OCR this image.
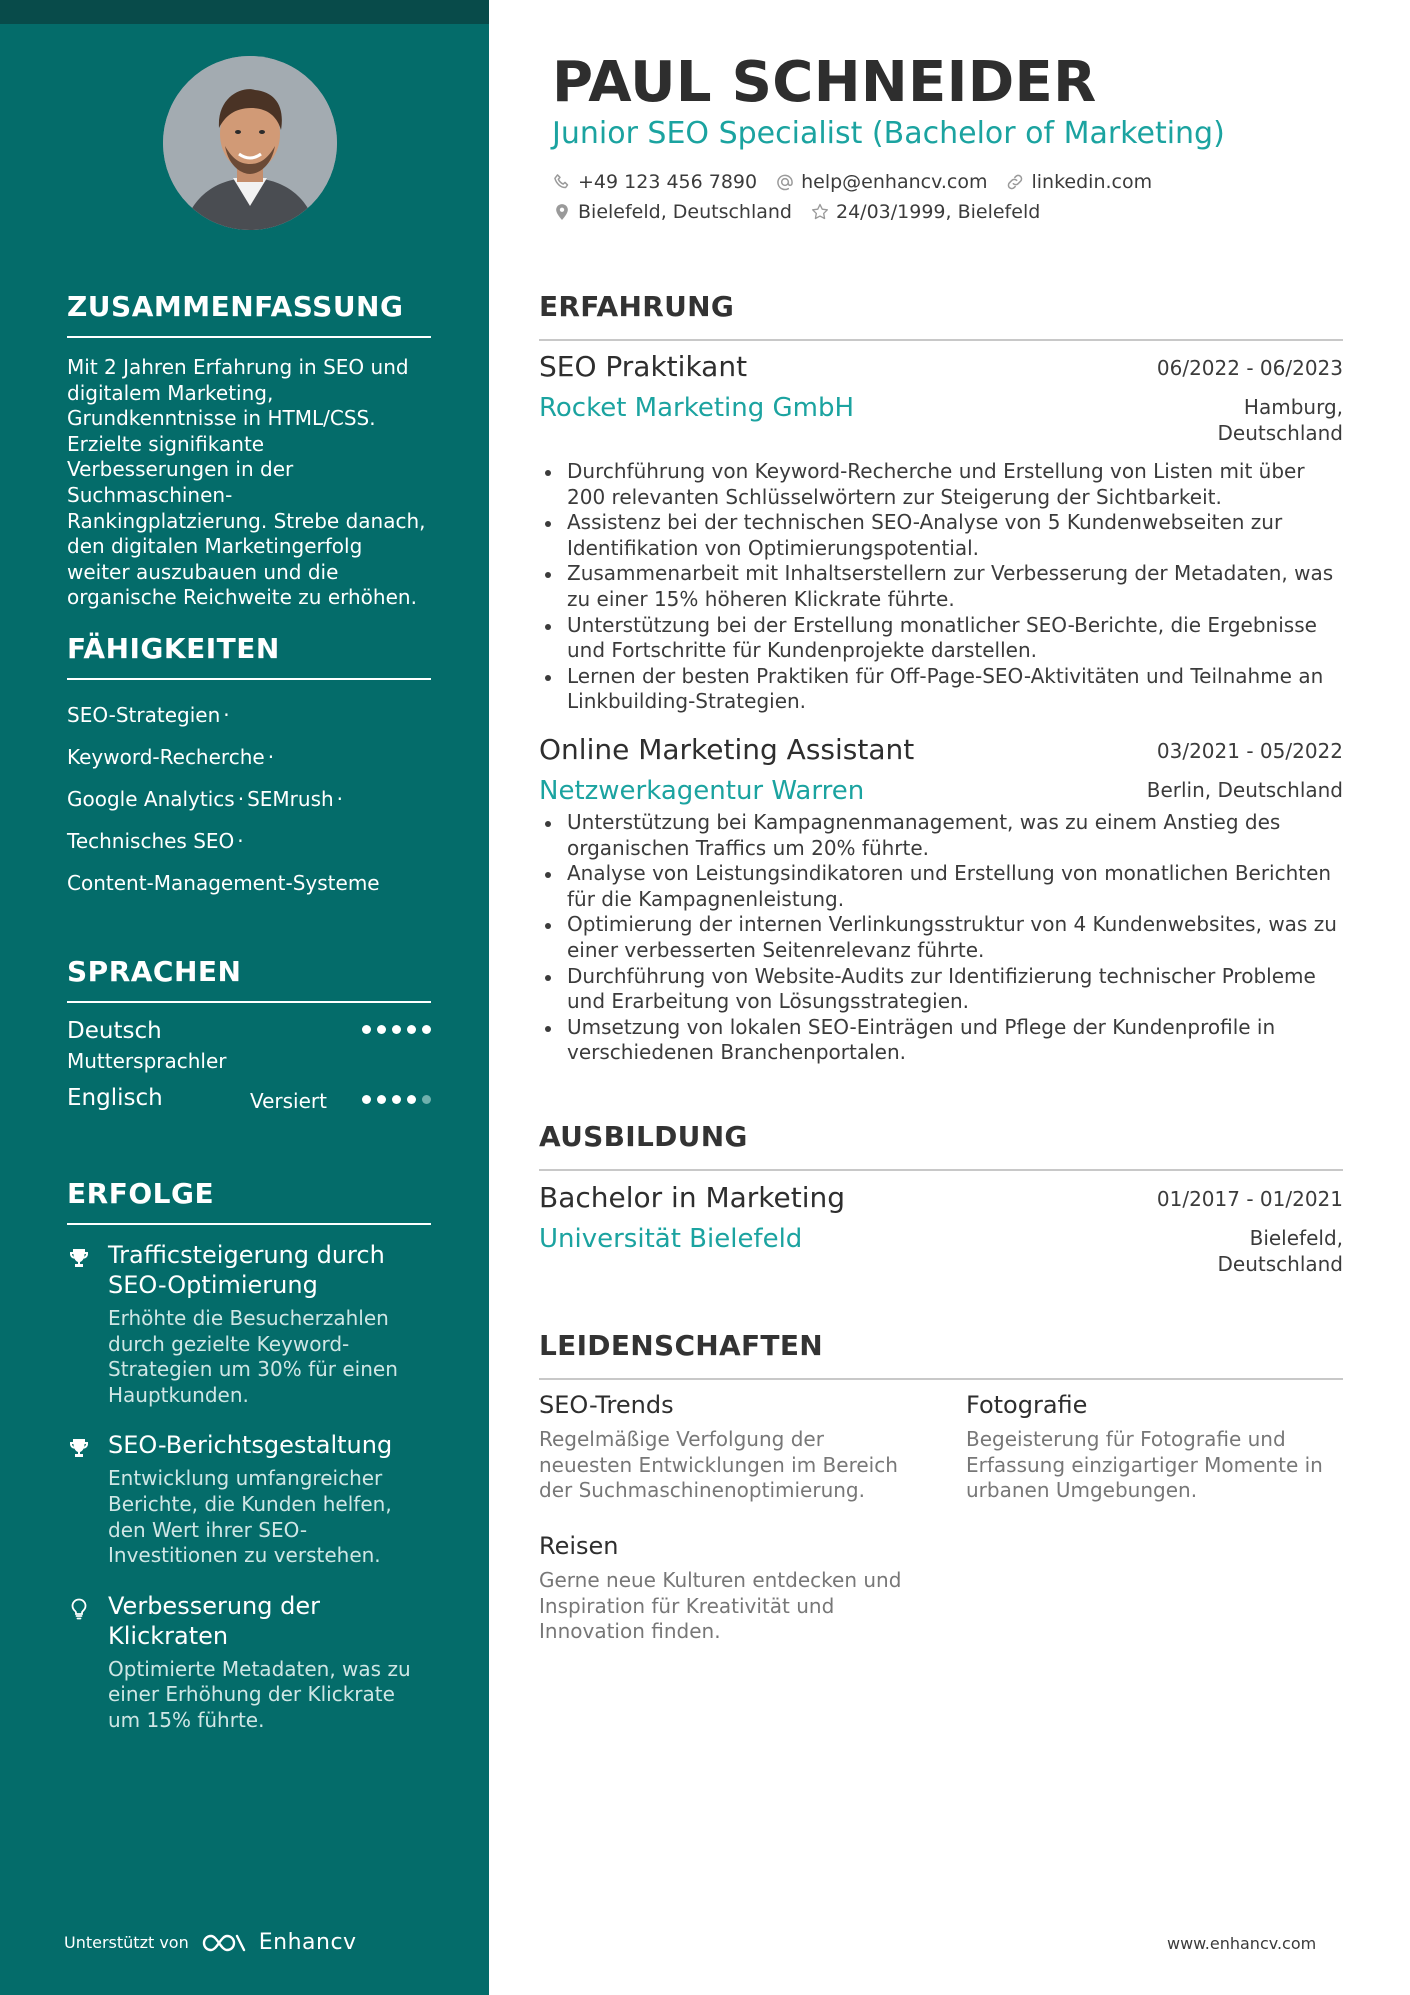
ZUSAMMENFASSUNG

Mit 2 Jahren Erfahrung in SEO und digitalem Marketing, Grundkenntnisse in HTML/CSS. Erzielte signifikante Verbesserungen in der Suchmaschinen-Rankingplatzierung. Strebe danach, den digitalen Marketingerfolg weiter auszubauen und die organische Reichweite zu erhöhen.

FÄHIGKEITEN
SEO-Strategien ·
Keyword-Recherche ·
Google Analytics · SEMrush ·
Technisches SEO ·
Content-Management-Systeme
SPRACHEN
Deutsch
Muttersprachler
Englisch	Versiert
ERFOLGE
Trafficsteigerung durch SEO-Optimierung
Erhöhte die Besucherzahlen durch gezielte Keyword-Strategien um 30% für einen Hauptkunden.
SEO-Berichtsgestaltung
Entwicklung umfangreicher Berichte, die Kunden helfen, den Wert ihrer SEO-Investitionen zu verstehen.
Verbesserung der Klickraten
Optimierte Metadaten, was zu einer Erhöhung der Klickrate um 15% führte.
Unterstützt von	Enhancv
PAUL SCHNEIDER
Junior SEO Specialist (Bachelor of Marketing)
+49 123 456 7890 help@enhancv.com linkedin.com
Bielefeld, Deutschland 24/03/1999, Bielefeld
ERFAHRUNG
SEO Praktikant	06/2022 - 06/2023
Rocket Marketing GmbH	Hamburg,
Deutschland
Durchführung von Keyword-Recherche und Erstellung von Listen mit über 200 relevanten Schlüsselwörtern zur Steigerung der Sichtbarkeit.
Assistenz bei der technischen SEO-Analyse von 5 Kundenwebseiten zur Identifikation von Optimierungspotential.
Zusammenarbeit mit Inhaltserstellern zur Verbesserung der Metadaten, was zu einer 15% höheren Klickrate führte.
Unterstützung bei der Erstellung monatlicher SEO-Berichte, die Ergebnisse und Fortschritte für Kundenprojekte darstellen.
Lernen der besten Praktiken für Off-Page-SEO-Aktivitäten und Teilnahme an Linkbuilding-Strategien.
Online Marketing Assistant	03/2021 - 05/2022
Netzwerkagentur Warren	Berlin, Deutschland
Unterstützung bei Kampagnenmanagement, was zu einem Anstieg des organischen Traffics um 20% führte.
Analyse von Leistungsindikatoren und Erstellung von monatlichen Berichten für die Kampagnenleistung.
Optimierung der internen Verlinkungsstruktur von 4 Kundenwebsites, was zu einer verbesserten Seitenrelevanz führte.
Durchführung von Website-Audits zur Identifizierung technischer Probleme und Erarbeitung von Lösungsstrategien.
Umsetzung von lokalen SEO-Einträgen und Pflege der Kundenprofile in verschiedenen Branchenportalen.
AUSBILDUNG
Bachelor in Marketing	01/2017 - 01/2021
Universität Bielefeld	Bielefeld,
Deutschland
LEIDENSCHAFTEN
SEO-Trends
Regelmäßige Verfolgung der neuesten Entwicklungen im Bereich der Suchmaschinenoptimierung.
Fotografie
Begeisterung für Fotografie und Erfassung einzigartiger Momente in urbanen Umgebungen.
Reisen
Gerne neue Kulturen entdecken und Inspiration für Kreativität und Innovation finden.
www.enhancv.com
